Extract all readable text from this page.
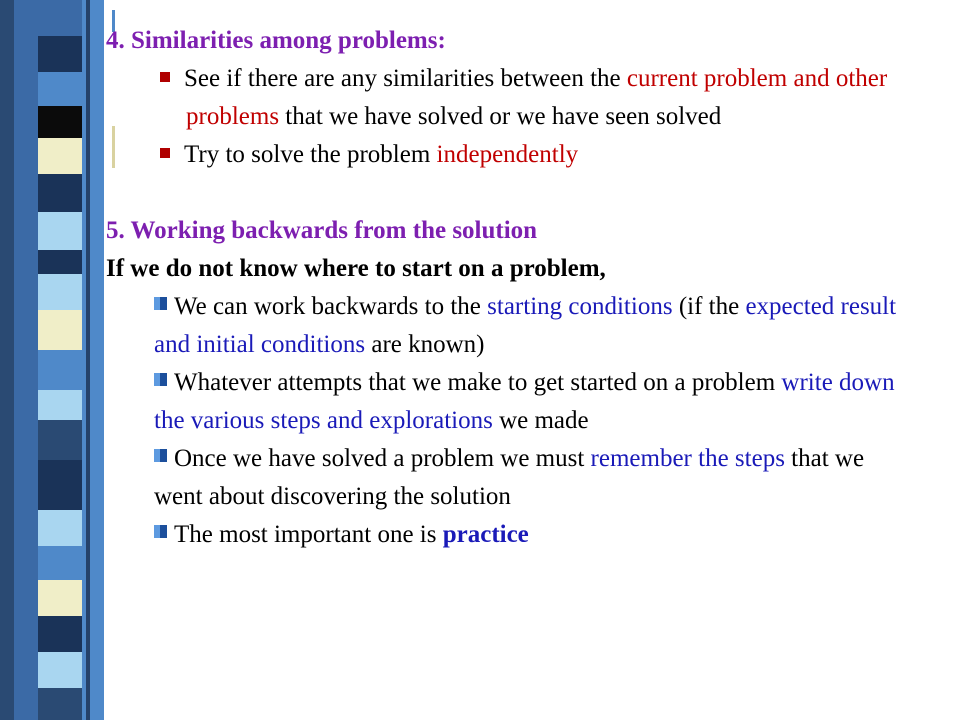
4. Similarities among problems:

See if there are any similarities between the current problem and other problems that we have solved or we have seen solved
Try to solve the problem independently

5. Working backwards from the solution

If we do not know where to start on a problem,

We can work backwards to the starting conditions (if the expected result and initial conditions are known)
Whatever attempts that we make to get started on a problem write down the various steps and explorations we made
Once we have solved a problem we must remember the steps that we went about discovering the solution
The most important one is practice
